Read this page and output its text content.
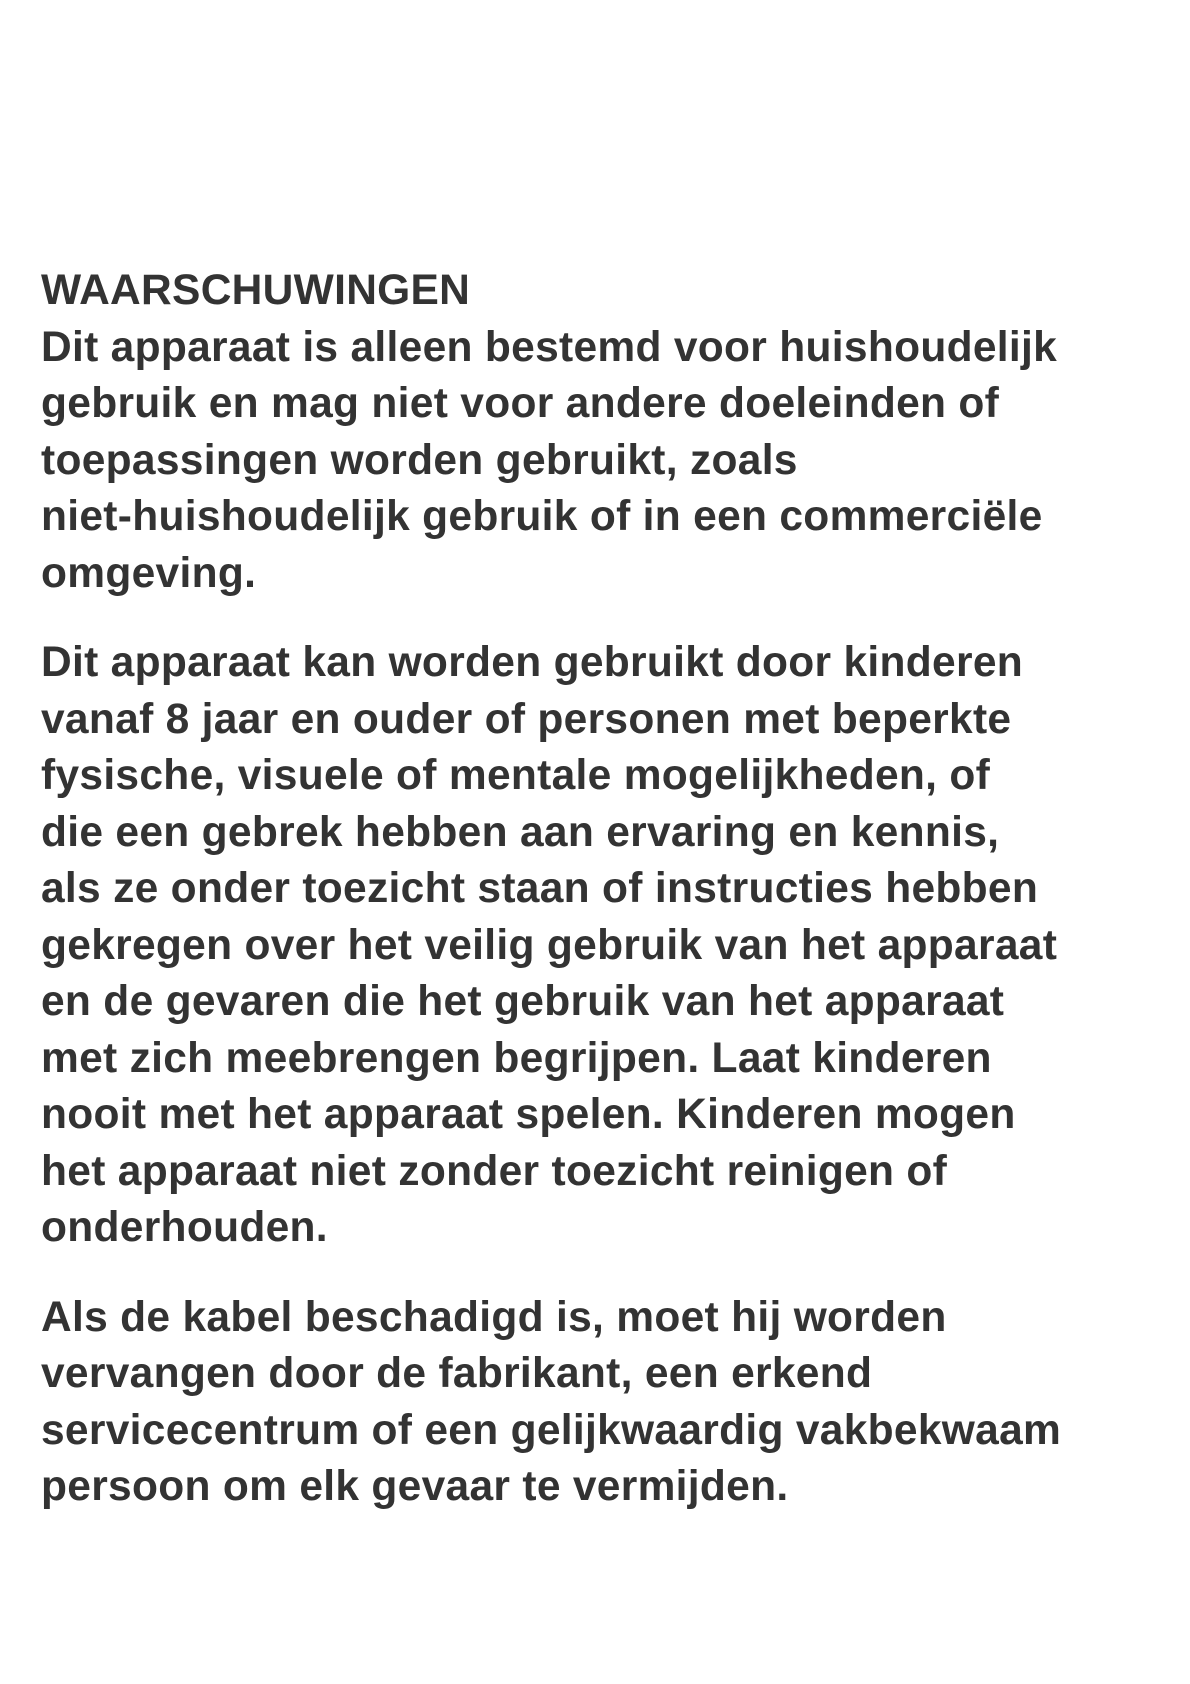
WAARSCHUWINGEN

Dit apparaat is alleen bestemd voor huishoudelijk
gebruik en mag niet voor andere doeleinden of
toepassingen worden gebruikt, zoals
niet-huishoudelijk gebruik of in een commerciële
omgeving.

Dit apparaat kan worden gebruikt door kinderen
vanaf 8 jaar en ouder of personen met beperkte
fysische, visuele of mentale mogelijkheden, of
die een gebrek hebben aan ervaring en kennis,
als ze onder toezicht staan of instructies hebben
gekregen over het veilig gebruik van het apparaat
en de gevaren die het gebruik van het apparaat
met zich meebrengen begrijpen. Laat kinderen
nooit met het apparaat spelen. Kinderen mogen
het apparaat niet zonder toezicht reinigen of
onderhouden.

Als de kabel beschadigd is, moet hij worden
vervangen door de fabrikant, een erkend
servicecentrum of een gelijkwaardig vakbekwaam
persoon om elk gevaar te vermijden.
